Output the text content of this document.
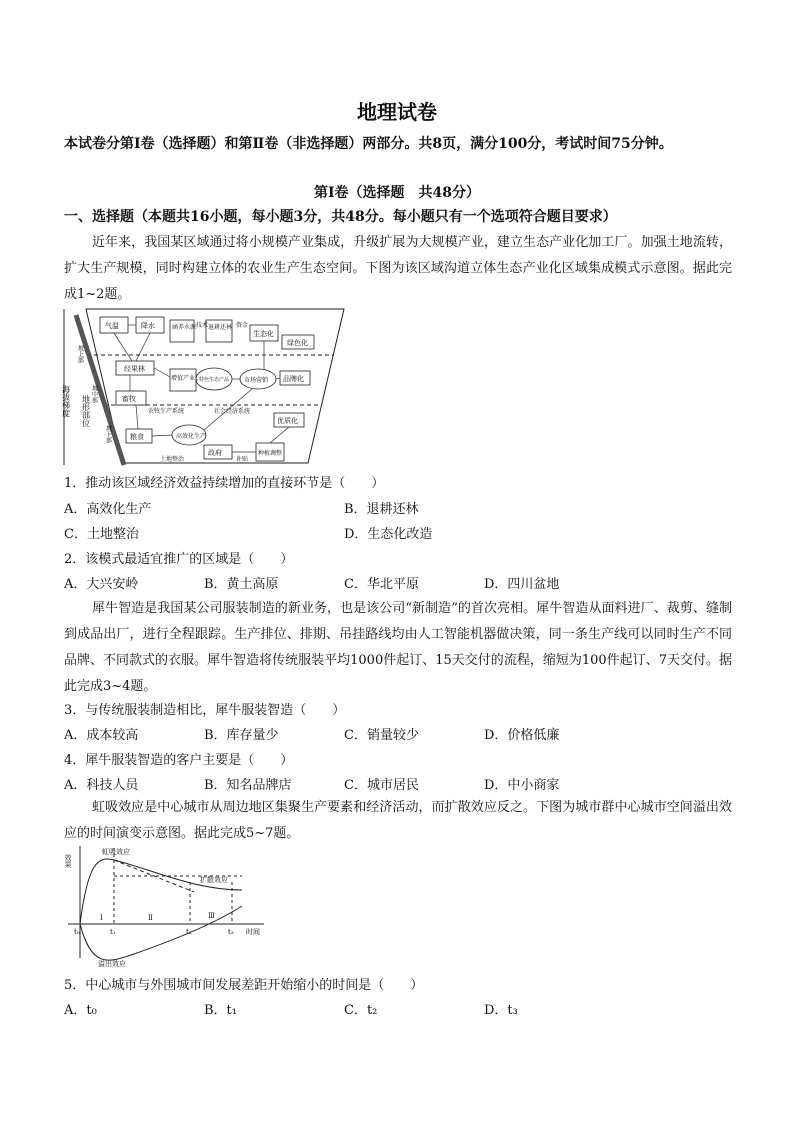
地理试卷
本试卷分第Ⅰ卷（选择题）和第Ⅱ卷（非选择题）两部分。共8页，满分100分，考试时间75分钟。
第Ⅰ卷（选择题　共48分）
一、选择题（本题共16小题，每小题3分，共48分。每小题只有一个选项符合题目要求）
近年来，我国某区域通过将小规模产业集成，升级扩展为大规模产业，建立生态产业化加工厂。加强土地流转，扩大生产规模，同时构建立体的农业生产生态空间。下图为该区域沟道立体生态产业化区域集成模式示意图。据此完成1~2题。
海拔梯度 地形部位
坡上部
坡中部
坡下部
气温	降水	涵养水源 退耕还林
生态化
绿色化
经果林
增值产业 特色生态产品 市场营销 品牌化
畜牧
优质化
粮食	高效化生产
政府	种植调整
技术	资金
农牧生产系统	社会经济系统
土地整治	补贴
1．推动该区域经济效益持续增加的直接环节是（　　）
A．高效化生产	B．退耕还林
C．土地整治	D．生态化改造
2．该模式最适宜推广的区域是（　　）
A．大兴安岭	B．黄土高原	C．华北平原	D．四川盆地
犀牛智造是我国某公司服装制造的新业务，也是该公司“新制造”的首次亮相。犀牛智造从面料进厂、裁剪、缝制到成品出厂，进行全程跟踪。生产排位、排期、吊挂路线均由人工智能机器做决策，同一条生产线可以同时生产不同品牌、不同款式的衣服。犀牛智造将传统服装平均1000件起订、15天交付的流程，缩短为100件起订、7天交付。据此完成3~4题。
3．与传统服装制造相比，犀牛服装智造（　　）
A．成本较高	B．库存量少	C．销量较少	D．价格低廉
4．犀牛服装智造的客户主要是（　　）
A．科技人员	B．知名品牌店	C．城市居民	D．中小商家
虹吸效应是中心城市从周边地区集聚生产要素和经济活动，而扩散效应反之。下图为城市群中心城市空间溢出效应的时间演变示意图。据此完成5~7题。
效果
时间
虹吸效应
扩散效应
溢出效应
Ⅰ	Ⅱ	Ⅲ
t₀	t₁	t₂	t₃
5．中心城市与外围城市间发展差距开始缩小的时间是（　　）
A．t₀	B．t₁	C．t₂	D．t₃
